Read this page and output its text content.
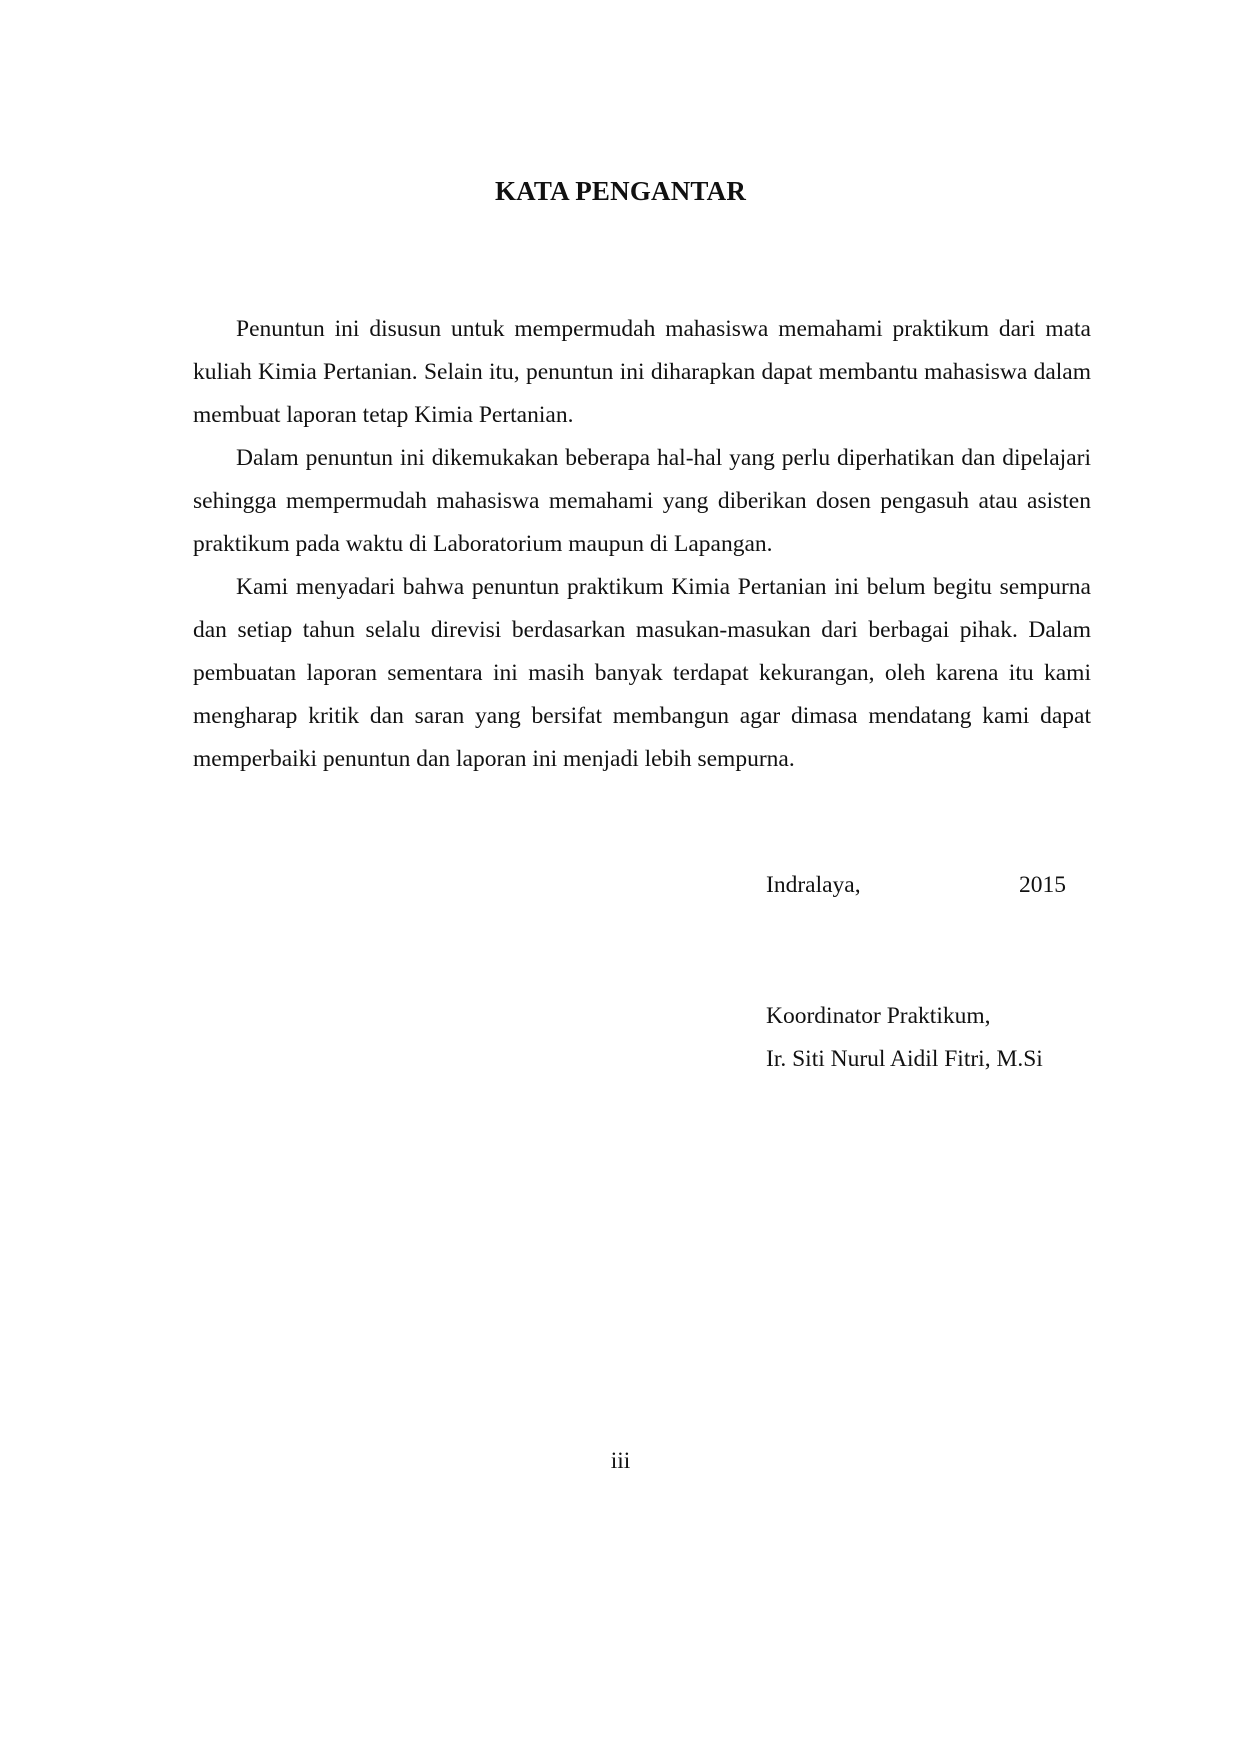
KATA PENGANTAR

Penuntun ini disusun untuk mempermudah mahasiswa memahami praktikum dari mata kuliah Kimia Pertanian. Selain itu, penuntun ini diharapkan dapat membantu mahasiswa dalam membuat laporan tetap Kimia Pertanian.

Dalam penuntun ini dikemukakan beberapa hal-hal yang perlu diperhatikan dan dipelajari sehingga mempermudah mahasiswa memahami yang diberikan dosen pengasuh atau asisten praktikum pada waktu di Laboratorium maupun di Lapangan.

Kami menyadari bahwa penuntun praktikum Kimia Pertanian ini belum begitu sempurna dan setiap tahun selalu direvisi berdasarkan masukan-masukan dari berbagai pihak. Dalam pembuatan laporan sementara ini masih banyak terdapat kekurangan, oleh karena itu kami mengharap kritik dan saran yang bersifat membangun agar dimasa mendatang kami dapat memperbaiki penuntun dan laporan ini menjadi lebih sempurna.

Indralaya,	2015
Koordinator Praktikum,
Ir. Siti Nurul Aidil Fitri, M.Si
iii
